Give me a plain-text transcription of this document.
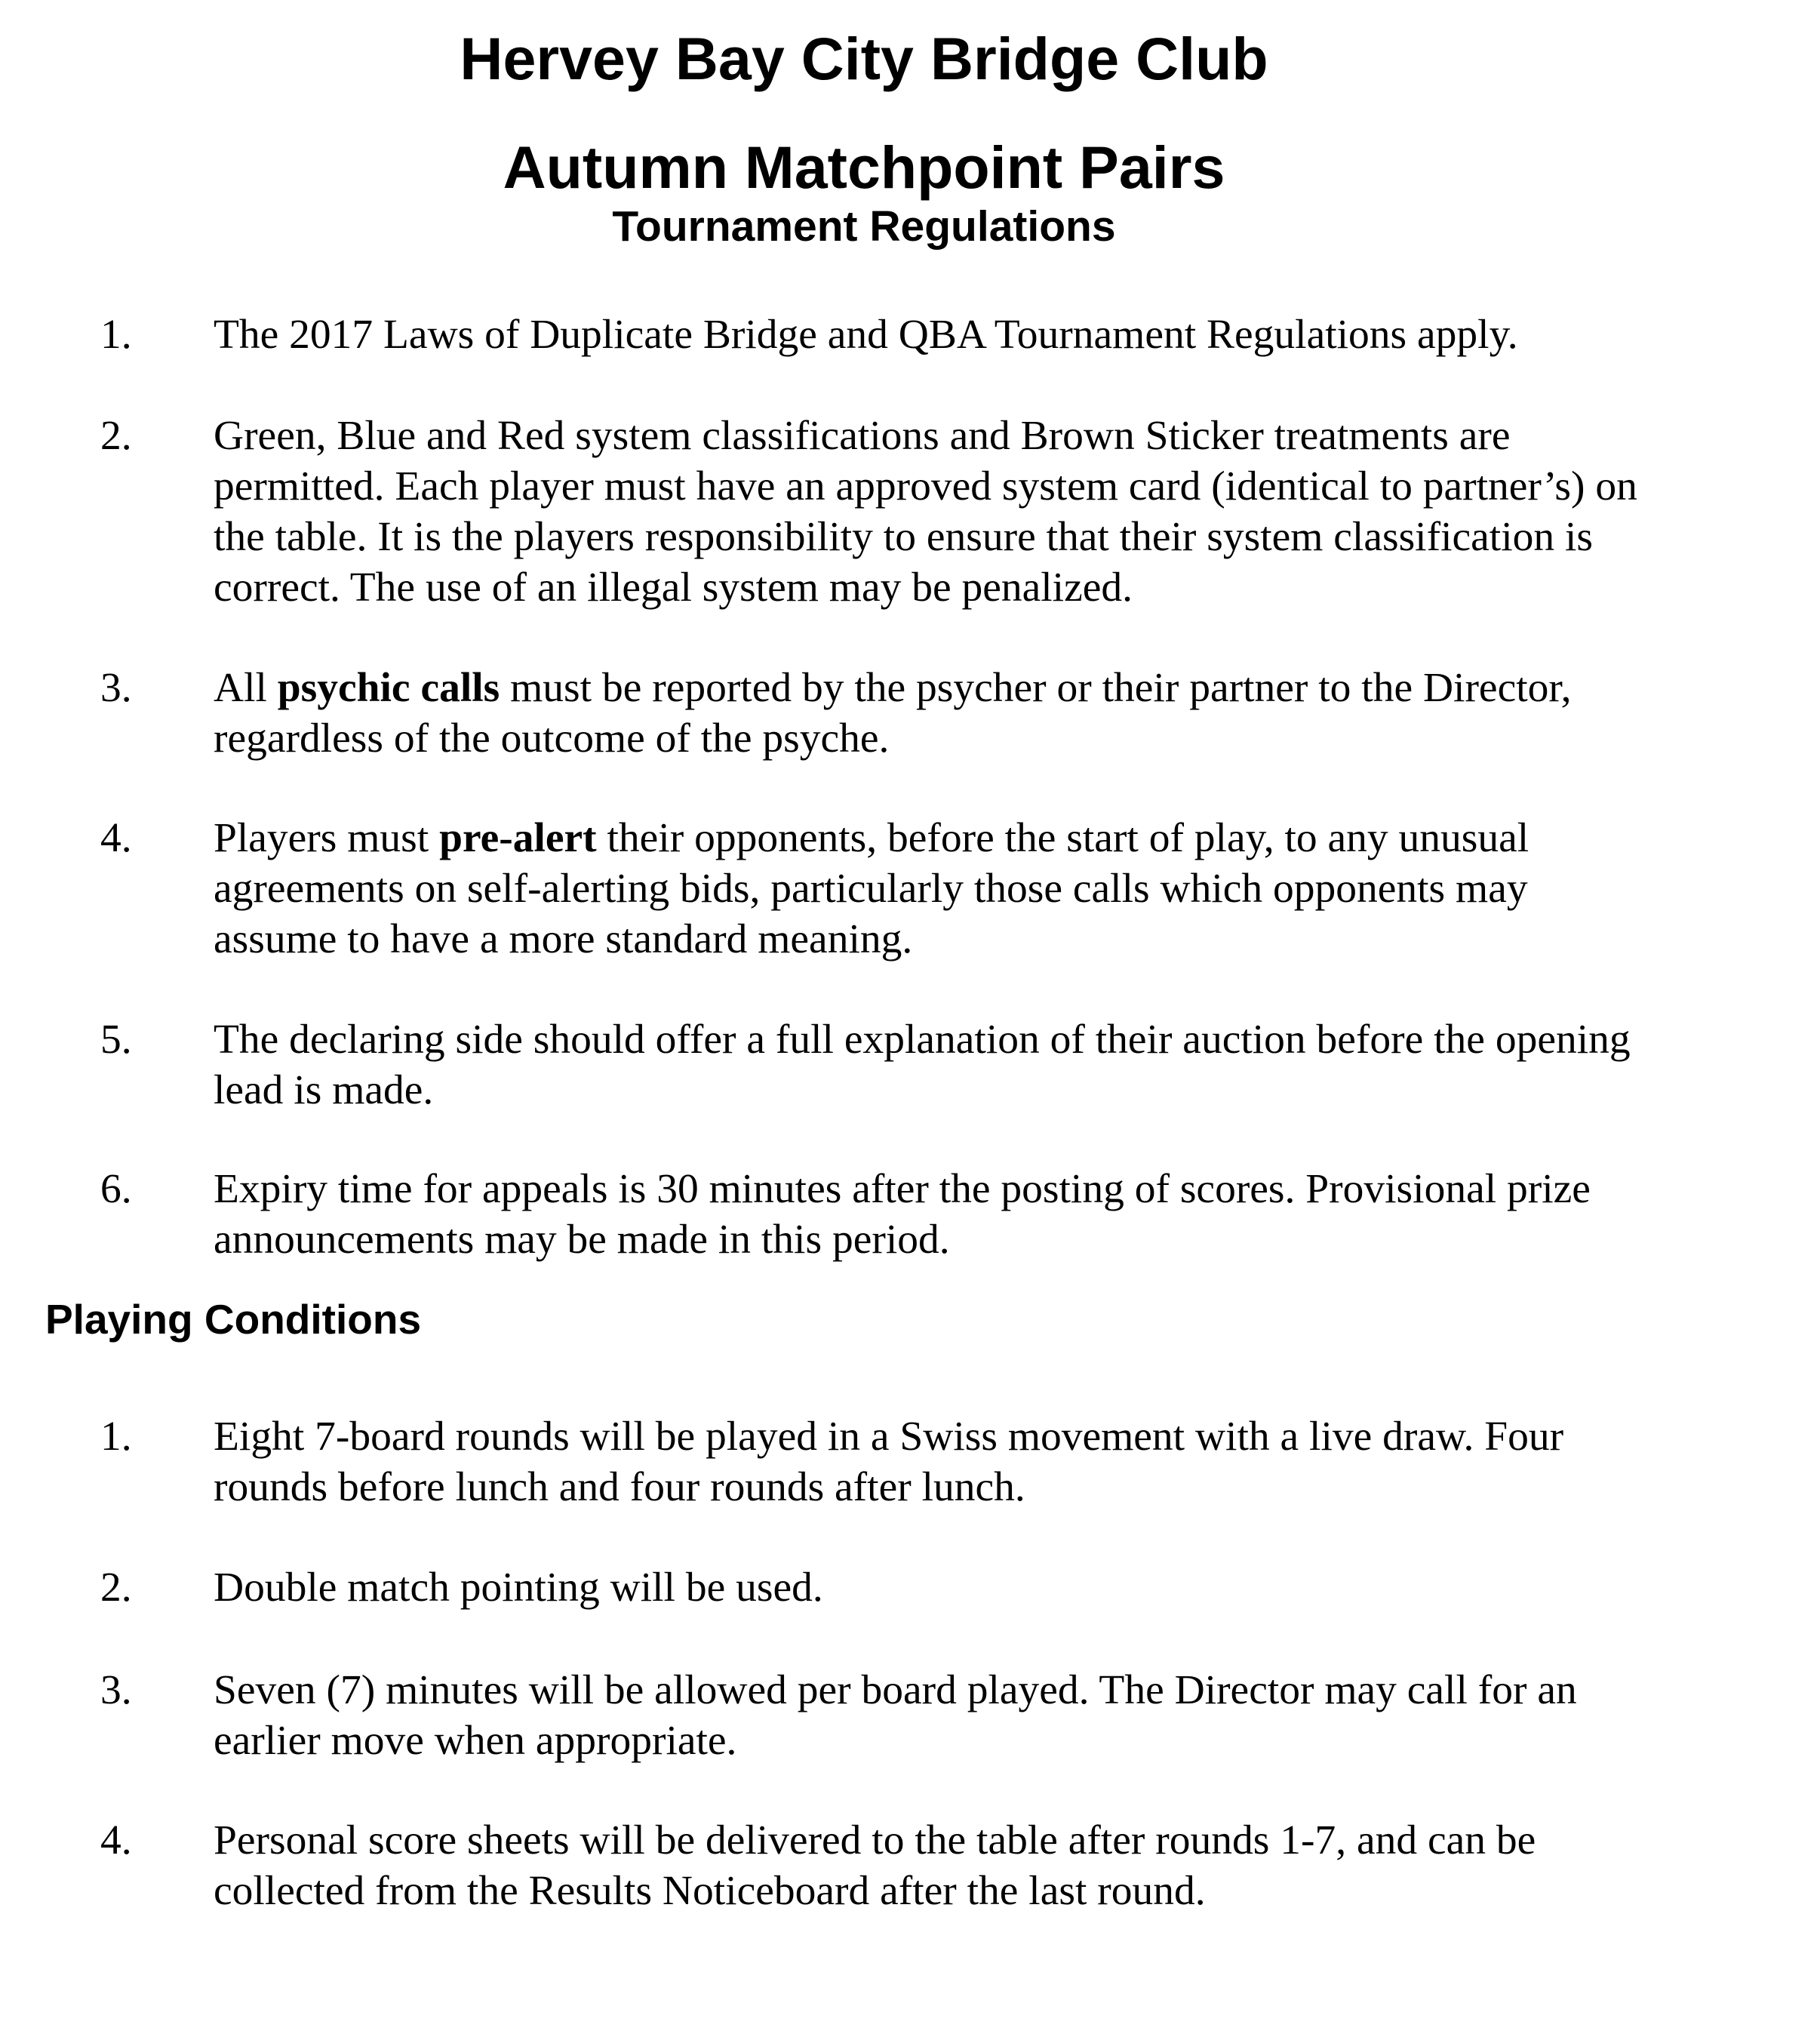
Hervey Bay City Bridge Club
Autumn Matchpoint Pairs
Tournament Regulations
1. The 2017 Laws of Duplicate Bridge and QBA Tournament Regulations apply.
2. Green, Blue and Red system classifications and Brown Sticker treatments are
permitted. Each player must have an approved system card (identical to partner’s) on
the table. It is the players responsibility to ensure that their system classification is
correct. The use of an illegal system may be penalized.
3. All psychic calls must be reported by the psycher or their partner to the Director,
regardless of the outcome of the psyche.
4. Players must pre-alert their opponents, before the start of play, to any unusual
agreements on self-alerting bids, particularly those calls which opponents may
assume to have a more standard meaning.
5. The declaring side should offer a full explanation of their auction before the opening
lead is made.
6. Expiry time for appeals is 30 minutes after the posting of scores. Provisional prize
announcements may be made in this period.
Playing Conditions
1. Eight 7-board rounds will be played in a Swiss movement with a live draw. Four
rounds before lunch and four rounds after lunch.
2. Double match pointing will be used.
3. Seven (7) minutes will be allowed per board played. The Director may call for an
earlier move when appropriate.
4. Personal score sheets will be delivered to the table after rounds 1-7, and can be
collected from the Results Noticeboard after the last round.
